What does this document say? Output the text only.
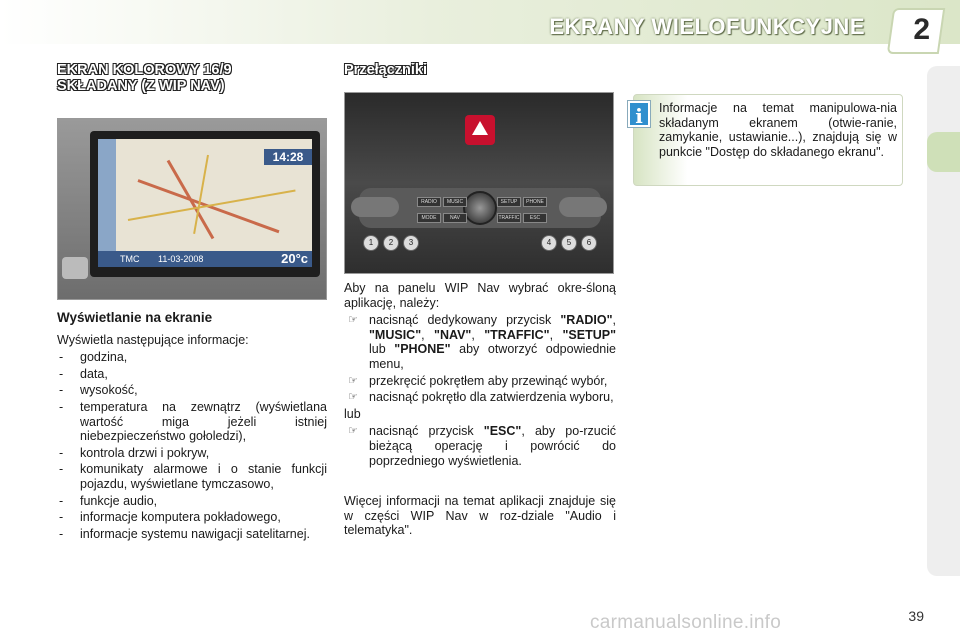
EKRANY WIELOFUNKCYJNE 2
EKRAN KOLOROWY 16/9
SKŁADANY (Z WIP NAV)
Przełączniki
14:28
TMC 11-03-2008	20°c
RADIO	MUSIC	SETUP	PHONE
MODE	NAV	TRAFFIC	ESC
1	2	3	4	5	6
Wyświetlanie na ekranie
Wyświetla następujące informacje:
- godzina,
- data,
- wysokość,
- temperatura na zewnątrz (wyświetlana wartość miga jeżeli istniej niebezpieczeństwo gołoledzi),
- kontrola drzwi i pokryw,
- komunikaty alarmowe i o stanie funkcji pojazdu, wyświetlane tymczasowo,
- funkcje audio,
- informacje komputera pokładowego,
- informacje systemu nawigacji satelitarnej.
Aby na panelu WIP Nav wybrać okre-śloną aplikację, należy:
☞ nacisnąć dedykowany przycisk "RADIO", "MUSIC", "NAV", "TRAFFIC", "SETUP" lub "PHONE" aby otworzyć odpowiednie menu,
☞ przekręcić pokrętłem aby przewinąć wybór,
☞ nacisnąć pokrętło dla zatwierdzenia wyboru,
lub
☞ nacisnąć przycisk "ESC", aby po-rzucić bieżącą operację i powrócić do poprzedniego wyświetlenia.
Więcej informacji na temat aplikacji znajduje się w części WIP Nav w roz-dziale "Audio i telematyka".
i	Informacje na temat manipulowa-nia składanym ekranem (otwie-ranie, zamykanie, ustawianie...), znajdują się w punkcie "Dostęp do składanego ekranu".
carmanualsonline.info	39
